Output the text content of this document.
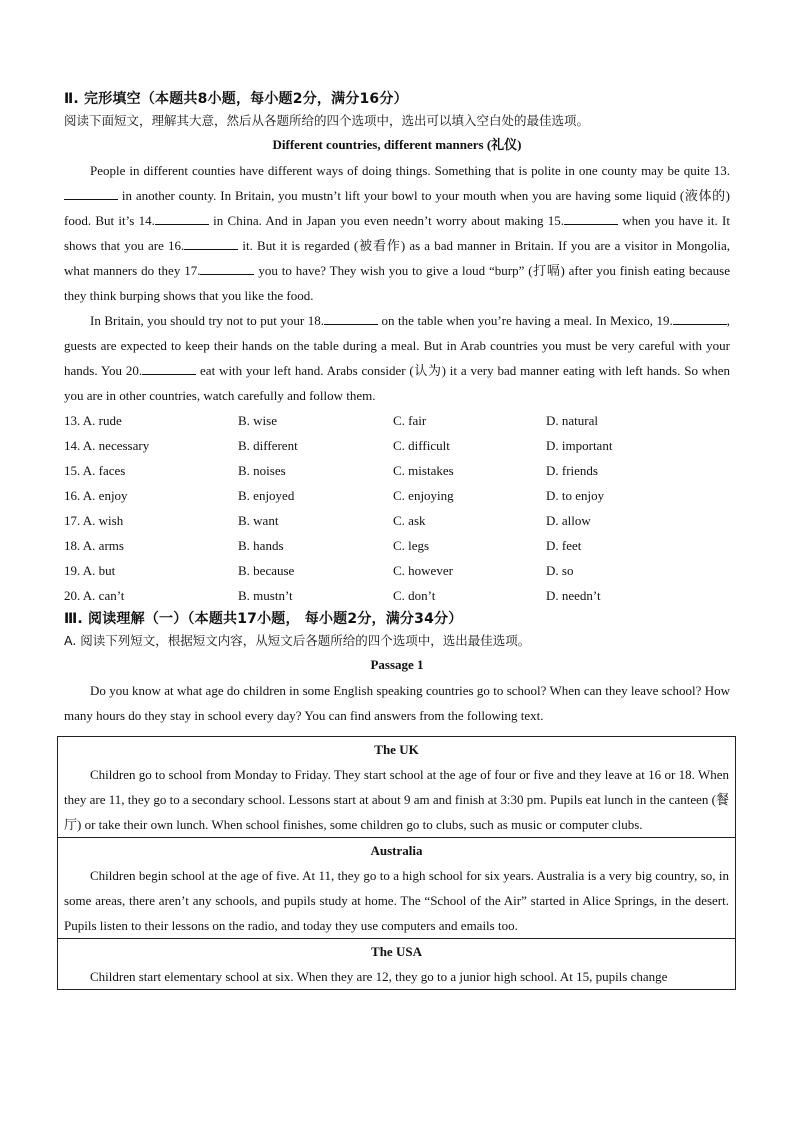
Ⅱ. 完形填空（本题共8小题，每小题2分，满分16分）
阅读下面短文，理解其大意，然后从各题所给的四个选项中，选出可以填入空白处的最佳选项。
Different countries, different manners (礼仪)

People in different counties have different ways of doing things. Something that is polite in one county may be quite 13. in another county. In Britain, you mustn’t lift your bowl to your mouth when you are having some liquid (液体的) food. But it’s 14.	in China. And in Japan you even needn’t worry about making 15.	when you have it. It shows that you are 16.	it. But it is regarded (被看作) as a bad manner in Britain. If you are a visitor in Mongolia, what manners do they 17.	you to have? They wish you to give a loud “burp” (打嗝) after you finish eating because they think burping shows that you like the food.

In Britain, you should try not to put your 18.	on the table when you’re having a meal. In Mexico, 19.	, guests are expected to keep their hands on the table during a meal. But in Arab countries you must be very careful with your hands. You 20.	eat with your left hand. Arabs consider (认为) it a very bad manner eating with left hands. So when you are in other countries, watch carefully and follow them.

13. A. rude	B. wise	C. fair	D. natural
14. A. necessary	B. different	C. difficult	D. important
15. A. faces	B. noises	C. mistakes	D. friends
16. A. enjoy	B. enjoyed	C. enjoying	D. to enjoy
17. A. wish	B. want	C. ask	D. allow
18. A. arms	B. hands	C. legs	D. feet
19. A. but	B. because	C. however	D. so
20. A. can’t	B. mustn’t	C. don’t	D. needn’t
Ⅲ. 阅读理解（一）（本题共17小题， 每小题2分，满分34分）
A. 阅读下列短文，根据短文内容，从短文后各题所给的四个选项中，选出最佳选项。
Passage 1

Do you know at what age do children in some English speaking countries go to school? When can they leave school? How many hours do they stay in school every day? You can find answers from the following text.

The UK

Children go to school from Monday to Friday. They start school at the age of four or five and they leave at 16 or 18. When they are 11, they go to a secondary school. Lessons start at about 9 am and finish at 3:30 pm. Pupils eat lunch in the canteen (餐厅) or take their own lunch. When school finishes, some children go to clubs, such as music or computer clubs.

Australia

Children begin school at the age of five. At 11, they go to a high school for six years. Australia is a very big country, so, in some areas, there aren’t any schools, and pupils study at home. The “School of the Air” started in Alice Springs, in the desert. Pupils listen to their lessons on the radio, and today they use computers and emails too.

The USA

Children start elementary school at six. When they are 12, they go to a junior high school. At 15, pupils change
